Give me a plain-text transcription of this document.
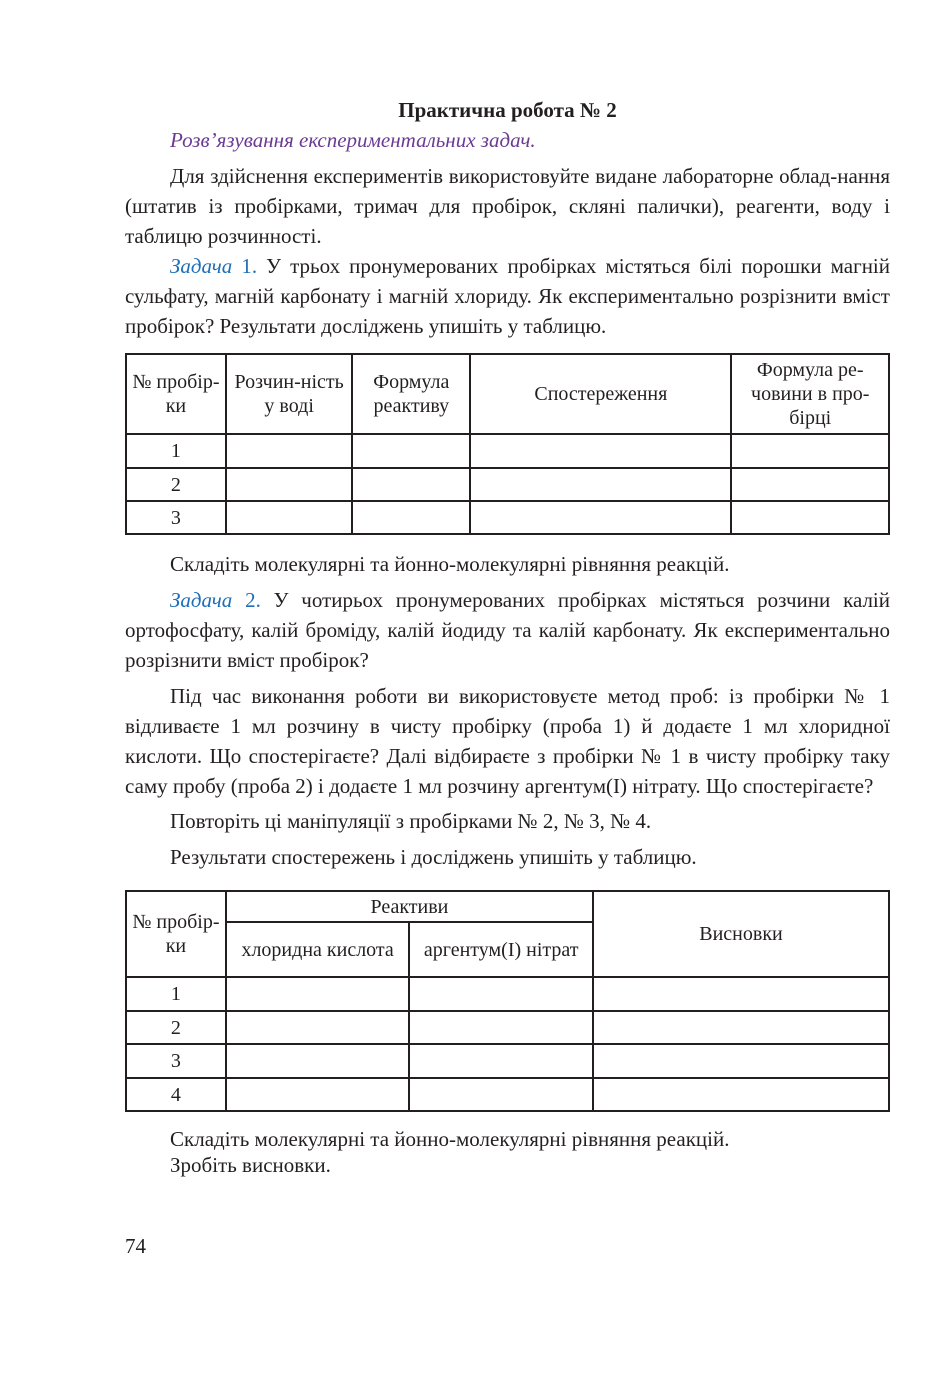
Практична робота № 2
Розв’язування експериментальних задач.

Для здійснення експериментів використовуйте видане лабораторне облад-нання (штатив із пробірками, тримач для пробірок, скляні палички), реагенти, воду і таблицю розчинності.

Задача 1. У трьох пронумерованих пробірках містяться білі порошки магній сульфату, магній карбонату і магній хлориду. Як експериментально розрізнити вміст пробірок? Результати досліджень упишіть у таблицю.

№ пробір-ки	Розчин-ність у воді	Формула реактиву	Спостереження	Формула ре-човини в про-бірці
1				
2				
3				

Складіть молекулярні та йонно-молекулярні рівняння реакцій.

Задача 2. У чотирьох пронумерованих пробірках містяться розчини калій ортофосфату, калій броміду, калій йодиду та калій карбонату. Як експериментально розрізнити вміст пробірок?

Під час виконання роботи ви використовуєте метод проб: із пробірки № 1 відливаєте 1 мл розчину в чисту пробірку (проба 1) й додаєте 1 мл хлоридної кислоти. Що спостерігаєте? Далі відбираєте з пробірки № 1 в чисту пробірку таку саму пробу (проба 2) і додаєте 1 мл розчину аргентум(I) нітрату. Що спостерігаєте?

Повторіть ці маніпуляції з пробірками № 2, № 3, № 4.

Результати спостережень і досліджень упишіть у таблицю.

№ пробір-ки	Реактиви		Висновки
	хлоридна кислота	аргентум(I) нітрат	
1			
2			
3			
4			

Складіть молекулярні та йонно-молекулярні рівняння реакцій.

Зробіть висновки.

74
